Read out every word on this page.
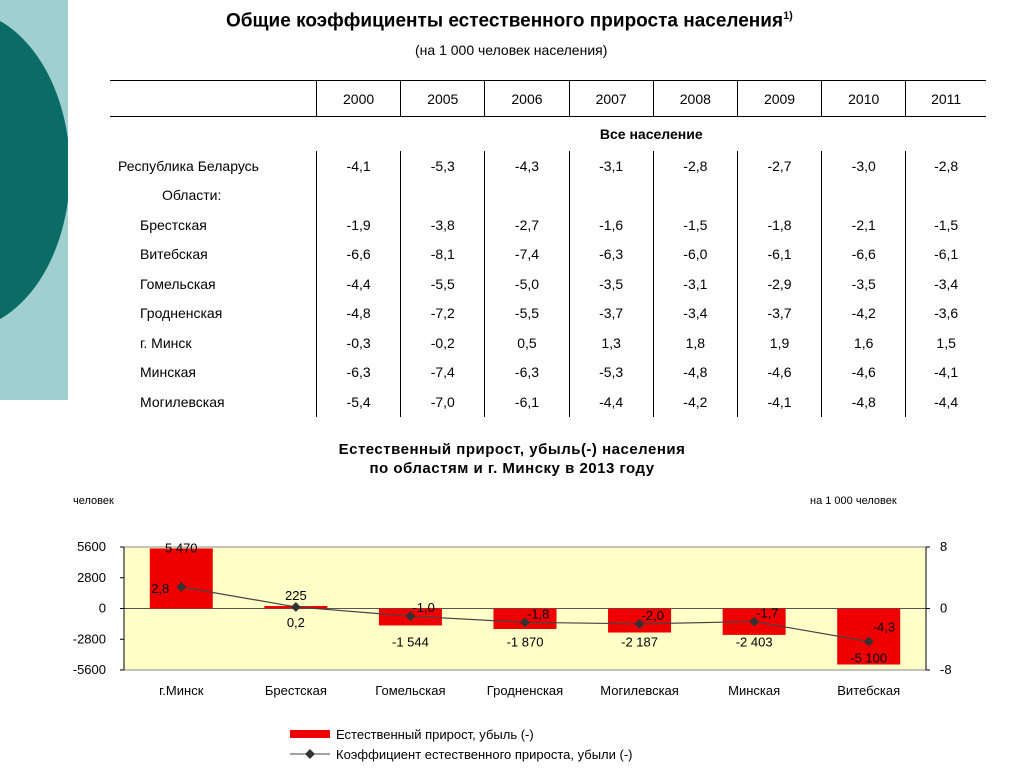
Общие коэффициенты естественного прироста населения$^{1)}$
(на 1 000 человек населения)
	2000	2005	2006	2007	2008	2009	2010	2011
	Все население							
Республика Беларусь	-4,1	-5,3	-4,3	-3,1	-2,8	-2,7	-3,0	-2,8
Области:								
Брестская	-1,9	-3,8	-2,7	-1,6	-1,5	-1,8	-2,1	-1,5
Витебская	-6,6	-8,1	-7,4	-6,3	-6,0	-6,1	-6,6	-6,1
Гомельская	-4,4	-5,5	-5,0	-3,5	-3,1	-2,9	-3,5	-3,4
Гродненская	-4,8	-7,2	-5,5	-3,7	-3,4	-3,7	-4,2	-3,6
г. Минск	-0,3	-0,2	0,5	1,3	1,8	1,9	1,6	1,5
Минская	-6,3	-7,4	-6,3	-5,3	-4,8	-4,6	-4,6	-4,1
Могилевская	-5,4	-7,0	-6,1	-4,4	-4,2	-4,1	-4,8	-4,4
Естественный прирост, убыль(-) населения
по областям и г. Минску в 2013 году
человек	на 1 000 человек
5600
2800
0
-2800
-5600
8
0
-8
г.Минск	Брестская	Гомельская	Гродненская	Могилевская	Минская	Витебская
5 470
225
-1 544	-1 870	-2 187	-2 403
-5 100
2,8
0,2
-1,0	-1,8	-2,0	-1,7
-4,3
Естественный прирост, убыль (-)
Коэффициент естественного прироста, убыли (-)
